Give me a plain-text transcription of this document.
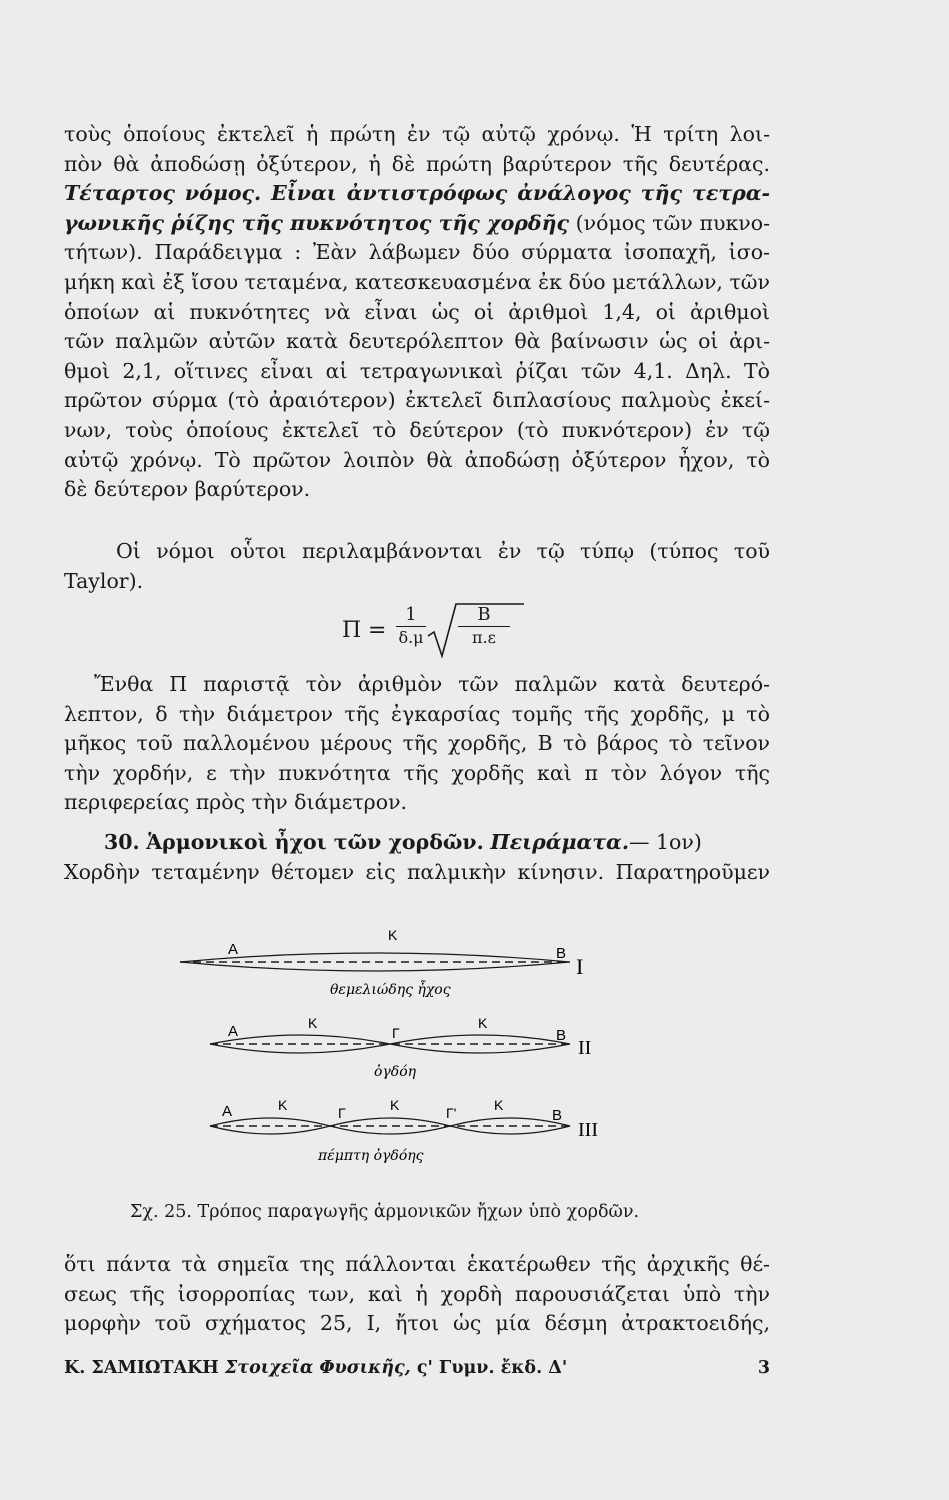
τοὺς ὁποίους ἐκτελεῖ ἡ πρώτη ἐν τῷ αὐτῷ χρόνῳ. Ἡ τρίτη λοι-
πὸν θὰ ἀποδώσῃ ὀξύτερον, ἡ δὲ πρώτη βαρύτερον τῆς δευτέρας.
Τέταρτος νόμος. Εἶναι ἀντιστρόφως ἀνάλογος τῆς τετρα-
γωνικῆς ῥίζης τῆς πυκνότητος τῆς χορδῆς (νόμος τῶν πυκνο-
τήτων). Παράδειγμα : Ἐὰν λάβωμεν δύο σύρματα ἰσοπαχῆ, ἰσο-
μήκη καὶ ἐξ ἴσου τεταμένα, κατεσκευασμένα ἐκ δύο μετάλλων, τῶν
ὁποίων αἱ πυκνότητες νὰ εἶναι ὡς οἱ ἀριθμοὶ 1,4, οἱ ἀριθμοὶ
τῶν παλμῶν αὐτῶν κατὰ δευτερόλεπτον θὰ βαίνωσιν ὡς οἱ ἀρι-
θμοὶ 2,1, οἵτινες εἶναι αἱ τετραγωνικαὶ ῥίζαι τῶν 4,1. Δηλ. Τὸ
πρῶτον σύρμα (τὸ ἀραιότερον) ἐκτελεῖ διπλασίους παλμοὺς ἐκεί-
νων, τοὺς ὁποίους ἐκτελεῖ τὸ δεύτερον (τὸ πυκνότερον) ἐν τῷ
αὐτῷ χρόνῳ. Τὸ πρῶτον λοιπὸν θὰ ἀποδώσῃ ὀξύτερον ἦχον, τὸ
δὲ δεύτερον βαρύτερον.
Οἱ νόμοι οὗτοι περιλαμβάνονται ἐν τῷ τύπῳ (τύπος τοῦ
Taylor).
$\Pi = \frac{1}{\delta.\mu} \frac{B}{\pi.\varepsilon}$
Ἔνθα Π παριστᾷ τὸν ἀριθμὸν τῶν παλμῶν κατὰ δευτερό-
λεπτον, δ τὴν διάμετρον τῆς ἐγκαρσίας τομῆς τῆς χορδῆς, μ τὸ
μῆκος τοῦ παλλομένου μέρους τῆς χορδῆς, Β τὸ βάρος τὸ τεῖνον
τὴν χορδήν, ε τὴν πυκνότητα τῆς χορδῆς καὶ π τὸν λόγον τῆς
περιφερείας πρὸς τὴν διάμετρον.
30. Ἁρμονικοὶ ἦχοι τῶν χορδῶν. Πειράματα.— 1ον)
Χορδὴν τεταμένην θέτομεν εἰς παλμικὴν κίνησιν. Παρατηροῦμεν
Α
Κ
Β
I
θεμελιώδης ἦχος
Α	Κ
Γ
Κ
Β
II
ὀγδόη
Α	Κ	Γ	Κ	Γ'	Κ
Β
III
πέμπτη ὀγδόης
Σχ. 25. Τρόπος παραγωγῆς ἁρμονικῶν ἤχων ὑπὸ χορδῶν.
ὅτι πάντα τὰ σημεῖα της πάλλονται ἑκατέρωθεν τῆς ἀρχικῆς θέ-
σεως τῆς ἰσορροπίας των, καὶ ἡ χορδὴ παρουσιάζεται ὑπὸ τὴν
μορφὴν τοῦ σχήματος 25, Ι, ἤτοι ὡς μία δέσμη ἀτρακτοειδής,
Κ. ΣΑΜΙΩΤΑΚΗ Στοιχεῖα Φυσικῆς, ς' Γυμν. ἔκδ. Δ'	3
